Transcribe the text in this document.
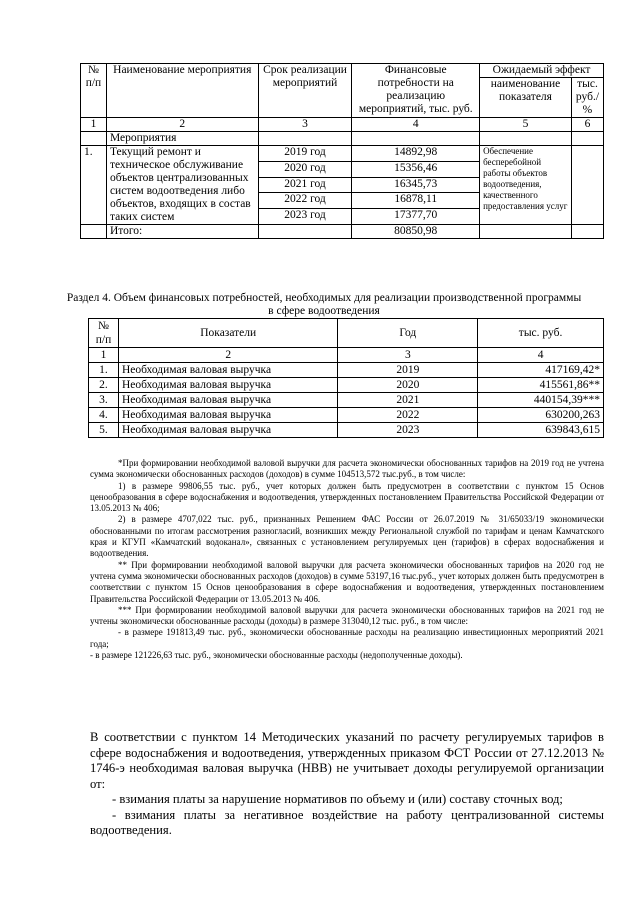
№ п/п	Наименование мероприятия	Срок реализации мероприятий	Финансовые потребности на реализацию мероприятий, тыс. руб.	Ожидаемый эффект	
				наименование показателя	тыс. руб./ %
1	2	3	4	5	6
	Мероприятия				
1.	Текущий ремонт и техническое обслуживание объектов централизованных систем водоотведения либо объектов, входящих в состав таких систем	2019 год	14892,98	Обеспечение бесперебойной работы объектов водоотведения, качественного предоставления услуг	
		2020 год	15356,46		
		2021 год	16345,73		
		2022 год	16878,11		
		2023 год	17377,70		
	Итого:		80850,98		
Раздел 4. Объем финансовых потребностей, необходимых для реализации производственной программы в сфере водоотведения
№ п/п	Показатели	Год	тыс. руб.
1	2	3	4
1.	Необходимая валовая выручка	2019	417169,42*
2.	Необходимая валовая выручка	2020	415561,86**
3.	Необходимая валовая выручка	2021	440154,39***
4.	Необходимая валовая выручка	2022	630200,263
5.	Необходимая валовая выручка	2023	639843,615

*При формировании необходимой валовой выручки для расчета экономически обоснованных тарифов на 2019 год не учтена сумма экономически обоснованных расходов (доходов) в сумме 104513,572 тыс.руб., в том числе:

1) в размере 99806,55 тыс. руб., учет которых должен быть предусмотрен в соответствии с пунктом 15 Основ ценообразования в сфере водоснабжения и водоотведения, утвержденных постановлением Правительства Российской Федерации от 13.05.2013 № 406;

2) в размере 4707,022 тыс. руб., признанных Решением ФАС России от 26.07.2019 № 31/65033/19 экономически обоснованными по итогам рассмотрения разногласий, возникших между Региональной службой по тарифам и ценам Камчатского края и КГУП «Камчатский водоканал», связанных с установлением регулируемых цен (тарифов) в сферах водоснабжения и водоотведения.

** При формировании необходимой валовой выручки для расчета экономически обоснованных тарифов на 2020 год не учтена сумма экономически обоснованных расходов (доходов) в сумме 53197,16 тыс.руб., учет которых должен быть предусмотрен в соответствии с пунктом 15 Основ ценообразования в сфере водоснабжения и водоотведения, утвержденных постановлением Правительства Российской Федерации от 13.05.2013 № 406.

*** При формировании необходимой валовой выручки для расчета экономически обоснованных тарифов на 2021 год не учтены экономически обоснованные расходы (доходы) в размере 313040,12 тыс. руб., в том числе:

- в размере 191813,49 тыс. руб., экономически обоснованные расходы на реализацию инвестиционных мероприятий 2021 года;

- в размере 121226,63 тыс. руб., экономически обоснованные расходы (недополученные доходы).

В соответствии с пунктом 14 Методических указаний по расчету регулируемых тарифов в сфере водоснабжения и водоотведения, утвержденных приказом ФСТ России от 27.12.2013 № 1746-э необходимая валовая выручка (НВВ) не учитывает доходы регулируемой организации от:

- взимания платы за нарушение нормативов по объему и (или) составу сточных вод;

- взимания платы за негативное воздействие на работу централизованной системы водоотведения.
